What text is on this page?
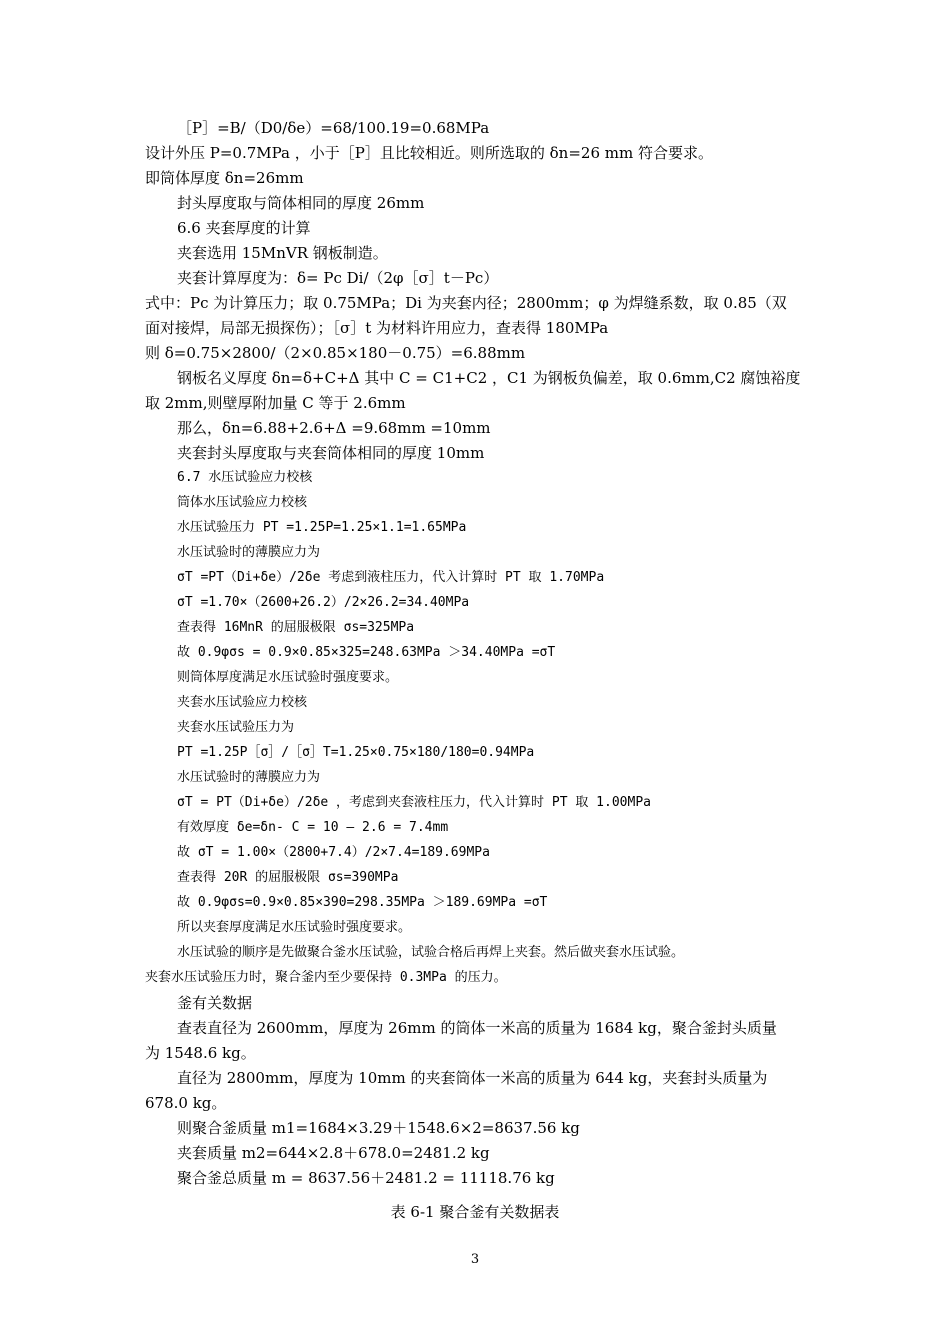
［P］=B/（D0/δe）=68/100.19=0.68MPa
设计外压 P=0.7MPa ，小于［P］且比较相近。则所选取的 δn=26 mm 符合要求。
即筒体厚度 δn=26mm
封头厚度取与筒体相同的厚度 26mm
6.6 夹套厚度的计算
夹套选用 15MnVR 钢板制造。
夹套计算厚度为：δ= Pc Di/（2φ［σ］t－Pc）
式中：Pc 为计算压力；取 0.75MPa；Di 为夹套内径；2800mm；φ 为焊缝系数，取 0.85（双
面对接焊，局部无损探伤）；［σ］t 为材料许用应力，查表得 180MPa
则 δ=0.75×2800/（2×0.85×180－0.75）=6.88mm
钢板名义厚度 δn=δ+C+Δ 其中 C = C1+C2 ，C1 为钢板负偏差，取 0.6mm,C2 腐蚀裕度
取 2mm,则壁厚附加量 C 等于 2.6mm
那么，δn=6.88+2.6+Δ =9.68mm =10mm
夹套封头厚度取与夹套筒体相同的厚度 10mm
6.7 水压试验应力校核
筒体水压试验应力校核
水压试验压力 PT =1.25P=1.25×1.1=1.65MPa
水压试验时的薄膜应力为
σT =PT（Di+δe）/2δe 考虑到液柱压力，代入计算时 PT 取 1.70MPa
σT =1.70×（2600+26.2）/2×26.2=34.40MPa
查表得 16MnR 的屈服极限 σs=325MPa
故 0.9φσs = 0.9×0.85×325=248.63MPa ＞34.40MPa =σT
则筒体厚度满足水压试验时强度要求。
夹套水压试验应力校核
夹套水压试验压力为
PT =1.25P［σ］/［σ］T=1.25×0.75×180/180=0.94MPa
水压试验时的薄膜应力为
σT = PT（Di+δe）/2δe ，考虑到夹套液柱压力，代入计算时 PT 取 1.00MPa
有效厚度 δe=δn- C = 10 – 2.6 = 7.4mm
故 σT = 1.00×（2800+7.4）/2×7.4=189.69MPa
查表得 20R 的屈服极限 σs=390MPa
故 0.9φσs=0.9×0.85×390=298.35MPa ＞189.69MPa =σT
所以夹套厚度满足水压试验时强度要求。
水压试验的顺序是先做聚合釜水压试验，试验合格后再焊上夹套。然后做夹套水压试验。
夹套水压试验压力时，聚合釜内至少要保持 0.3MPa 的压力。
釜有关数据
查表直径为 2600mm，厚度为 26mm 的筒体一米高的质量为 1684 kg，聚合釜封头质量
为 1548.6 kg。
直径为 2800mm，厚度为 10mm 的夹套筒体一米高的质量为 644 kg，夹套封头质量为
678.0 kg。
则聚合釜质量 m1=1684×3.29＋1548.6×2=8637.56 kg
夹套质量 m2=644×2.8＋678.0=2481.2 kg
聚合釜总质量 m = 8637.56＋2481.2 = 11118.76 kg
表 6-1 聚合釜有关数据表
3
